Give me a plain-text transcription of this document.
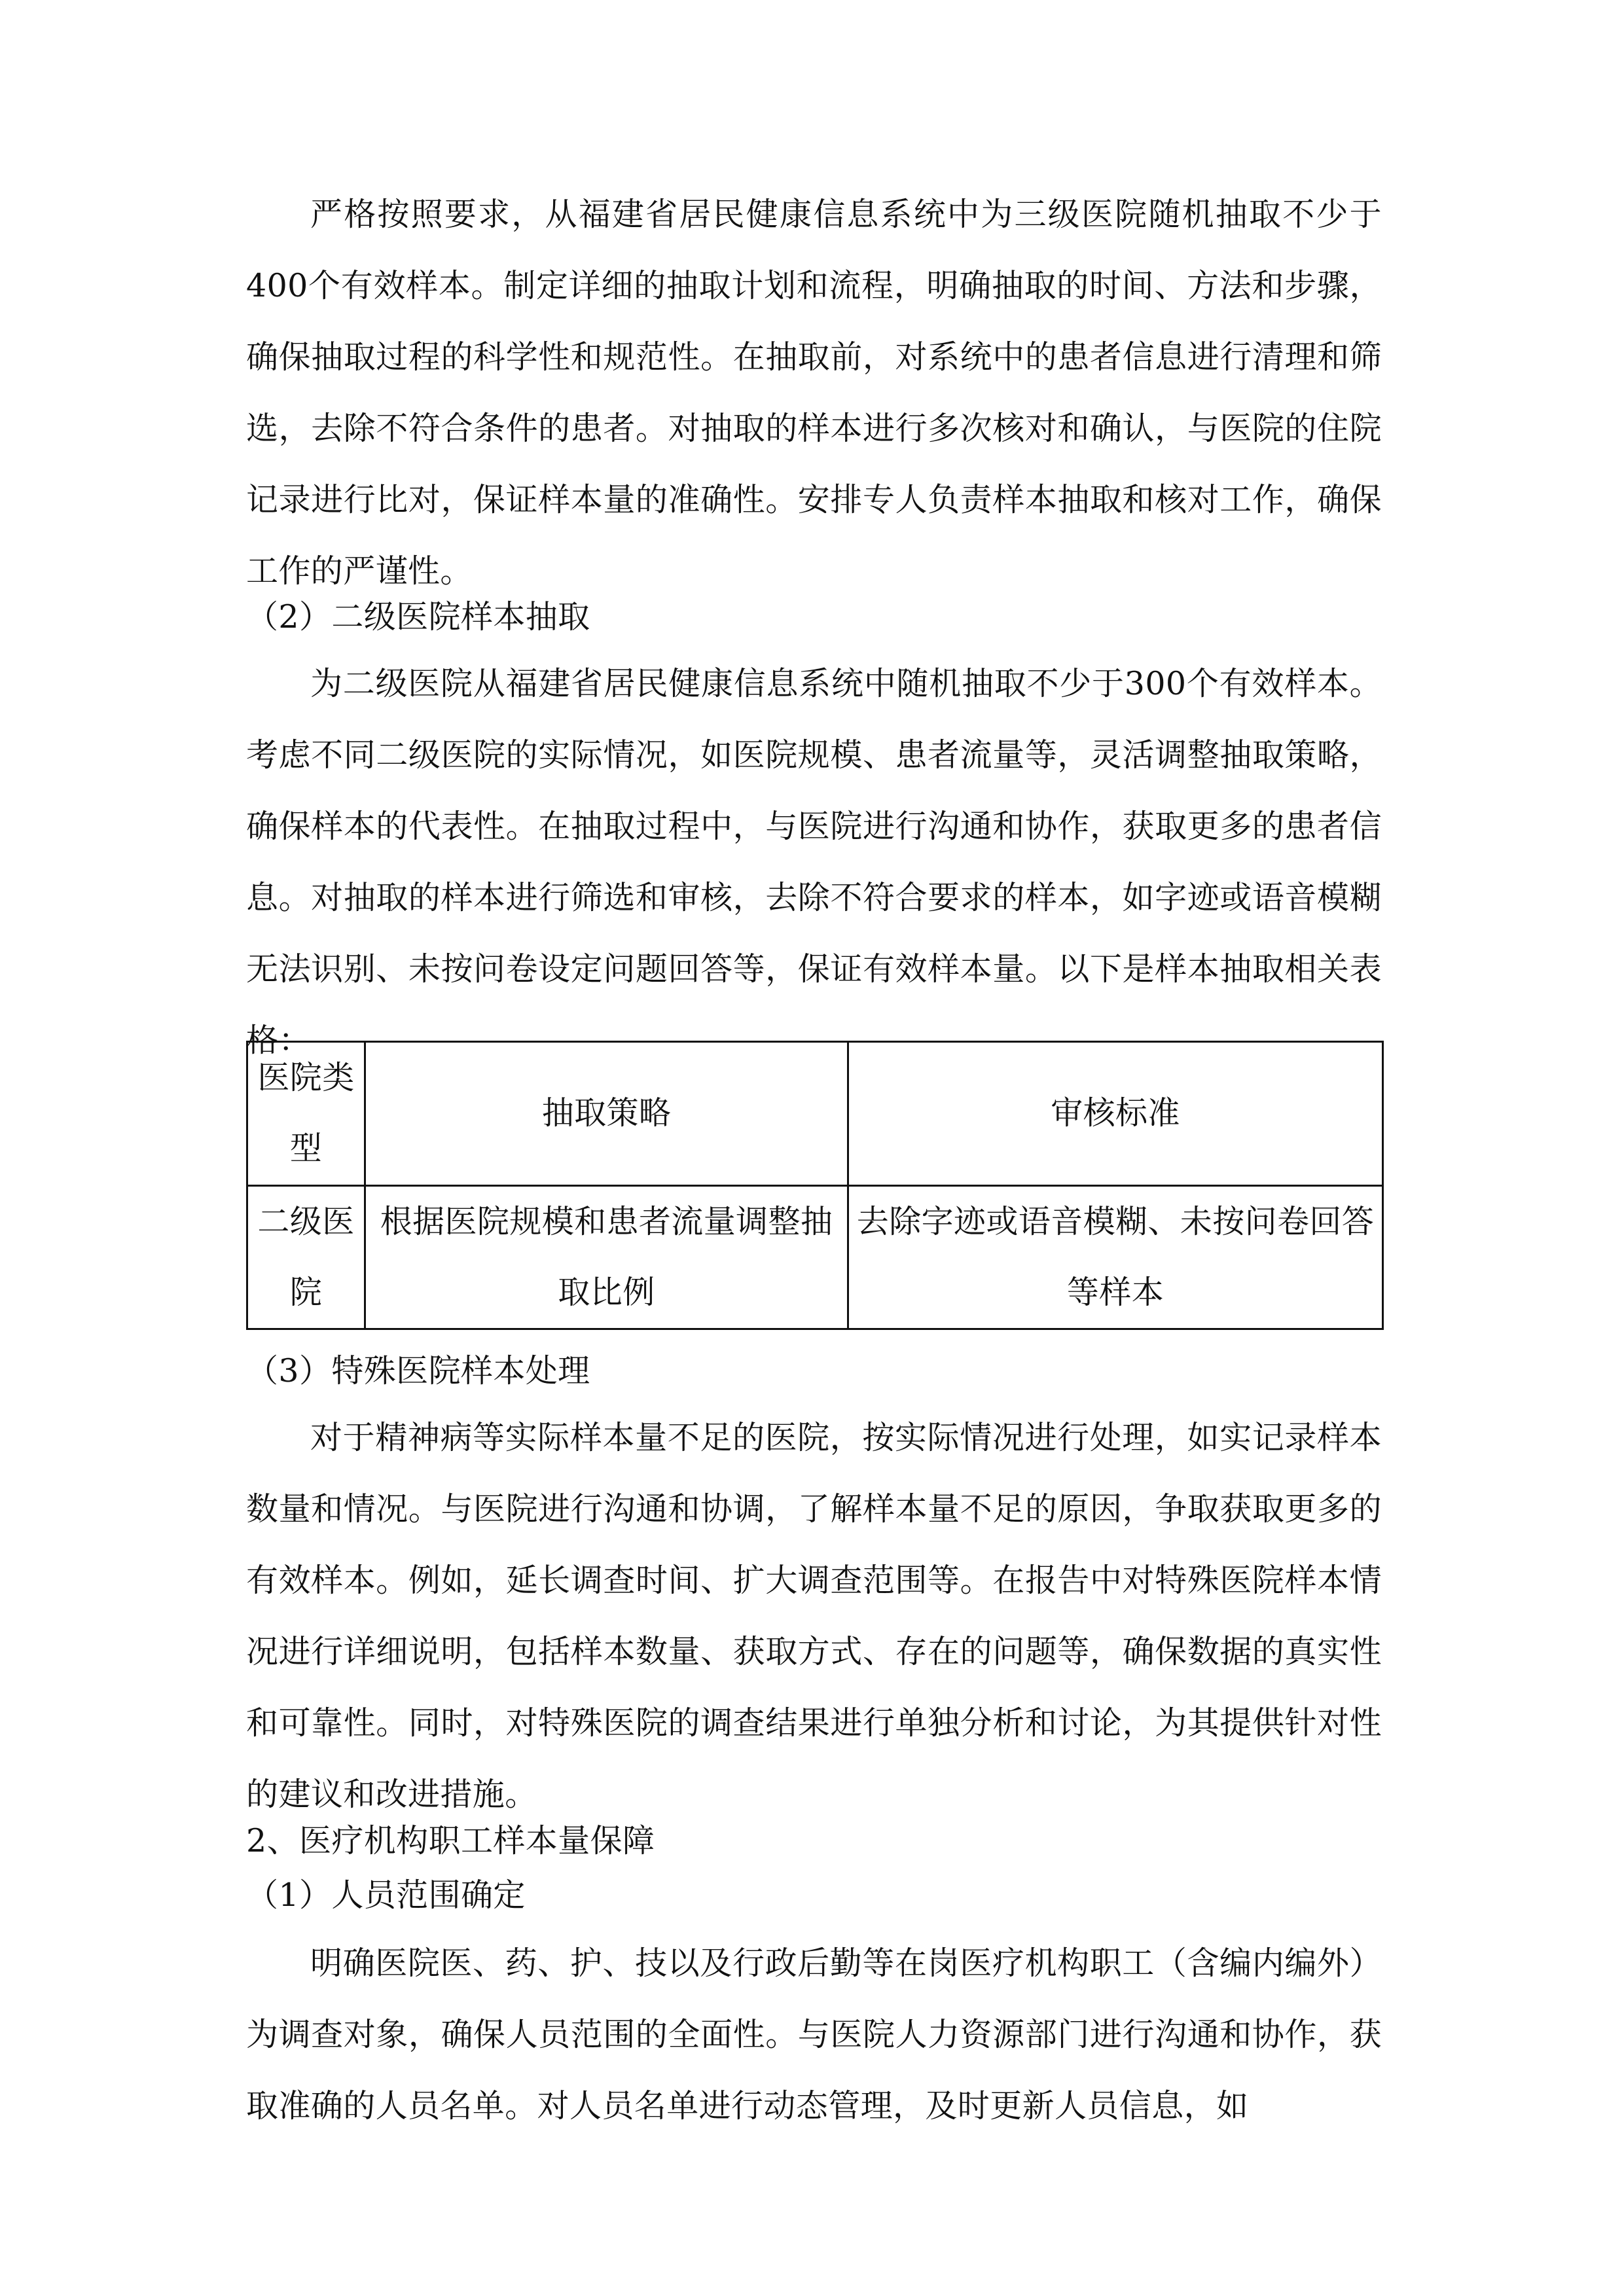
严格按照要求，从福建省居民健康信息系统中为三级医院随机抽取不少于400个有效样本。制定详细的抽取计划和流程，明确抽取的时间、方法和步骤，确保抽取过程的科学性和规范性。在抽取前，对系统中的患者信息进行清理和筛选，去除不符合条件的患者。对抽取的样本进行多次核对和确认，与医院的住院记录进行比对，保证样本量的准确性。安排专人负责样本抽取和核对工作，确保工作的严谨性。

（2）二级医院样本抽取

为二级医院从福建省居民健康信息系统中随机抽取不少于300个有效样本。考虑不同二级医院的实际情况，如医院规模、患者流量等，灵活调整抽取策略，确保样本的代表性。在抽取过程中，与医院进行沟通和协作，获取更多的患者信息。对抽取的样本进行筛选和审核，去除不符合要求的样本，如字迹或语音模糊无法识别、未按问卷设定问题回答等，保证有效样本量。以下是样本抽取相关表格：

医院类型	抽取策略	审核标准
二级医院	根据医院规模和患者流量调整抽取比例	去除字迹或语音模糊、未按问卷回答等样本

（3）特殊医院样本处理

对于精神病等实际样本量不足的医院，按实际情况进行处理，如实记录样本数量和情况。与医院进行沟通和协调，了解样本量不足的原因，争取获取更多的有效样本。例如，延长调查时间、扩大调查范围等。在报告中对特殊医院样本情况进行详细说明，包括样本数量、获取方式、存在的问题等，确保数据的真实性和可靠性。同时，对特殊医院的调查结果进行单独分析和讨论，为其提供针对性的建议和改进措施。

2、医疗机构职工样本量保障

（1）人员范围确定

明确医院医、药、护、技以及行政后勤等在岗医疗机构职工（含编内编外）为调查对象，确保人员范围的全面性。与医院人力资源部门进行沟通和协作，获取准确的人员名单。对人员名单进行动态管理，及时更新人员信息，如
